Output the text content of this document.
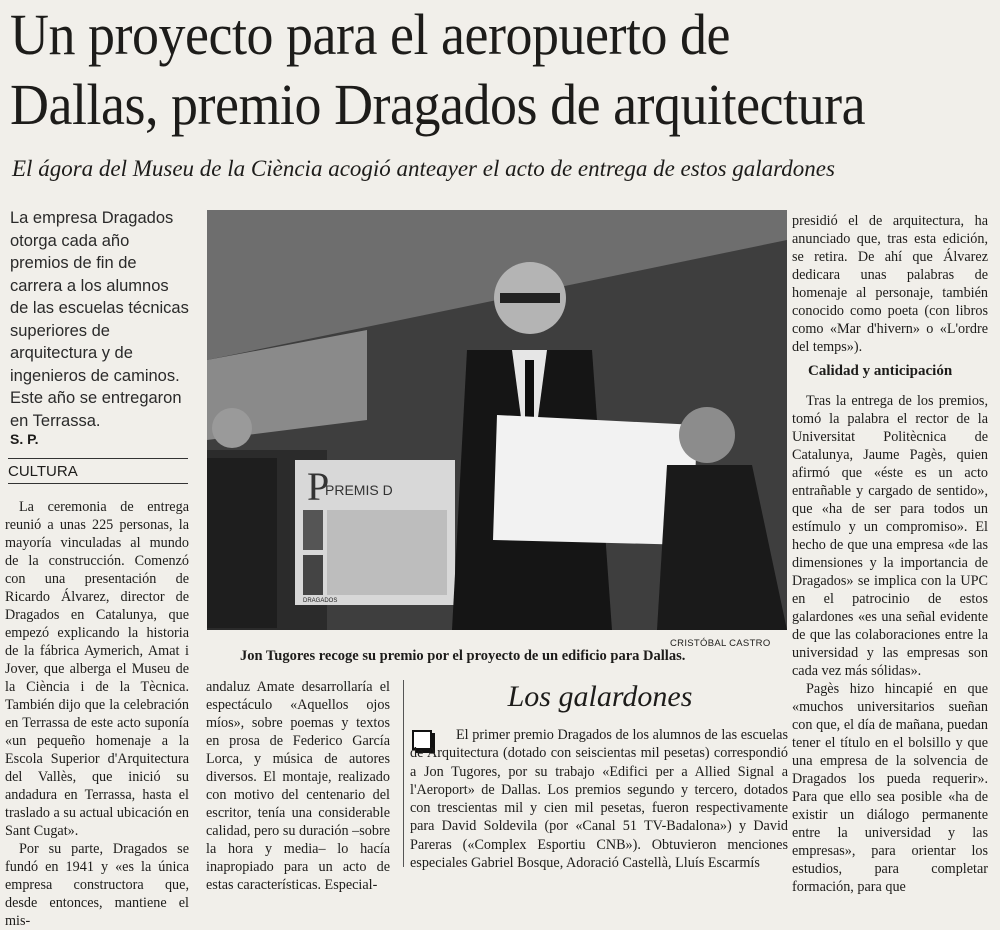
Un proyecto para el aeropuerto de
Dallas, premio Dragados de arquitectura

El ágora del Museu de la Ciència acogió anteayer el acto de entrega de estos galardones

La empresa Dragados otorga cada año premios de fin de carrera a los alumnos de las escuelas técnicas superiores de arquitectura y de ingenieros de caminos. Este año se entregaron en Terrassa.

S. P.

CULTURA

La ceremonia de entrega reunió a unas 225 personas, la mayoría vinculadas al mundo de la construcción. Comenzó con una presentación de Ricardo Álvarez, director de Dragados en Catalunya, que empezó explicando la historia de la fábrica Aymerich, Amat i Jover, que alberga el Museu de la Ciència i de la Tècnica. También dijo que la celebración en Terrassa de este acto suponía «un pequeño homenaje a la Escola Superior d'Arquitectura del Vallès, que inició su andadura en Terrassa, hasta el traslado a su actual ubicación en Sant Cugat».

Por su parte, Dragados se fundó en 1941 y «es la única empresa constructora que, desde entonces, mantiene el mis-

P
PREMIS D
DRAGADOS

CRISTÓBAL CASTRO

Jon Tugores recoge su premio por el proyecto de un edificio para Dallas.

andaluz Amate desarrollaría el espectáculo «Aquellos ojos míos», sobre poemas y textos en prosa de Federico García Lorca, y música de autores diversos. El montaje, realizado con motivo del centenario del escritor, tenía una considerable calidad, pero su duración –sobre la hora y media– lo hacía inapropiado para un acto de estas características. Especial-

Los galardones

El primer premio Dragados de los alumnos de las escuelas de Arquitectura (dotado con seiscientas mil pesetas) correspondió a Jon Tugores, por su trabajo «Edifici per a Allied Signal a l'Aeroport» de Dallas. Los premios segundo y tercero, dotados con trescientas mil y cien mil pesetas, fueron respectivamente para David Soldevila (por «Canal 51 TV-Badalona») y David Pareras («Complex Esportiu CNB»). Obtuvieron menciones especiales Gabriel Bosque, Adoració Castellà, Lluís Escarmís

presidió el de arquitectura, ha anunciado que, tras esta edición, se retira. De ahí que Álvarez dedicara unas palabras de homenaje al personaje, también conocido como poeta (con libros como «Mar d'hivern» o «L'ordre del temps»).

Calidad y anticipación

Tras la entrega de los premios, tomó la palabra el rector de la Universitat Politècnica de Catalunya, Jaume Pagès, quien afirmó que «éste es un acto entrañable y cargado de sentido», que «ha de ser para todos un estímulo y un compromiso». El hecho de que una empresa «de las dimensiones y la importancia de Dragados» se implica con la UPC en el patrocinio de estos galardones «es una señal evidente de que las colaboraciones entre la universidad y las empresas son cada vez más sólidas».

Pagès hizo hincapié en que «muchos universitarios sueñan con que, el día de mañana, puedan tener el título en el bolsillo y que una empresa de la solvencia de Dragados los pueda requerir». Para que ello sea posible «ha de existir un diálogo permanente entre la universidad y las empresas», para orientar los estudios, para completar formación, para que
